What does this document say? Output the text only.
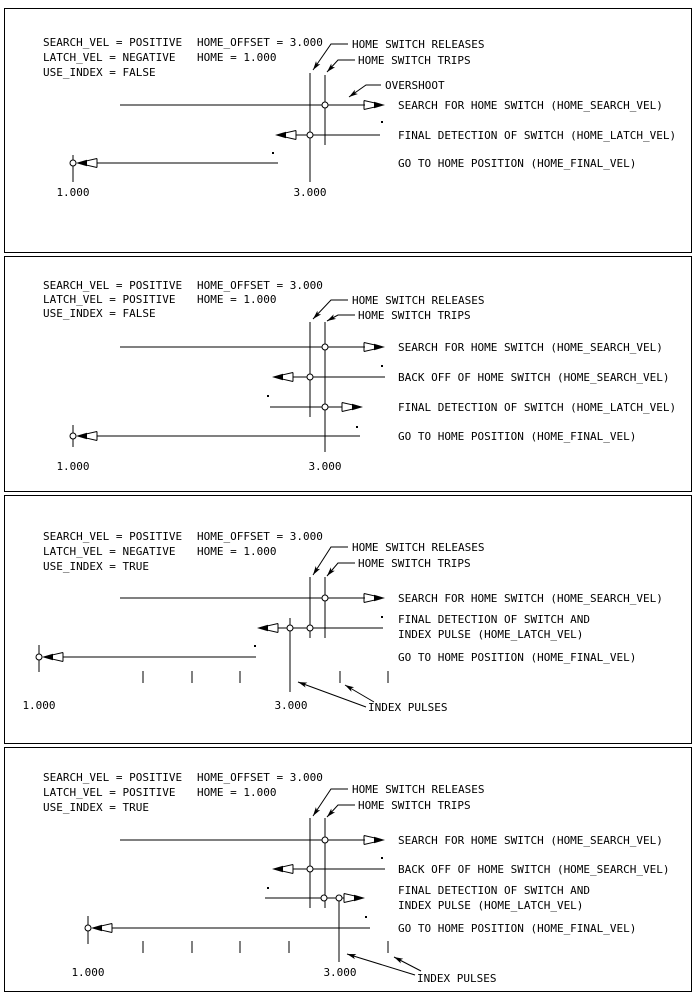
SEARCH_VEL = POSITIVE
LATCH_VEL = NEGATIVE
USE_INDEX = FALSE
HOME_OFFSET = 3.000
HOME = 1.000
HOME SWITCH RELEASES
HOME SWITCH TRIPS
OVERSHOOT
SEARCH FOR HOME SWITCH (HOME_SEARCH_VEL)
FINAL DETECTION OF SWITCH (HOME_LATCH_VEL)
GO TO HOME POSITION (HOME_FINAL_VEL)
1.000	3.000
SEARCH_VEL = POSITIVE
LATCH_VEL = POSITIVE
USE_INDEX = FALSE
HOME_OFFSET = 3.000
HOME = 1.000	HOME SWITCH RELEASES
HOME SWITCH TRIPS
SEARCH FOR HOME SWITCH (HOME_SEARCH_VEL)
BACK OFF OF HOME SWITCH (HOME_SEARCH_VEL)
FINAL DETECTION OF SWITCH (HOME_LATCH_VEL)
GO TO HOME POSITION (HOME_FINAL_VEL)
1.000	3.000
SEARCH_VEL = POSITIVE
LATCH_VEL = NEGATIVE
USE_INDEX = TRUE
HOME_OFFSET = 3.000
HOME = 1.000	HOME SWITCH RELEASES
HOME SWITCH TRIPS
SEARCH FOR HOME SWITCH (HOME_SEARCH_VEL)
FINAL DETECTION OF SWITCH AND
INDEX PULSE (HOME_LATCH_VEL)
GO TO HOME POSITION (HOME_FINAL_VEL)
INDEX PULSES
1.000	3.000
SEARCH_VEL = POSITIVE
LATCH_VEL = POSITIVE
USE_INDEX = TRUE
HOME_OFFSET = 3.000
HOME = 1.000	HOME SWITCH RELEASES
HOME SWITCH TRIPS
SEARCH FOR HOME SWITCH (HOME_SEARCH_VEL)
BACK OFF OF HOME SWITCH (HOME_SEARCH_VEL)
FINAL DETECTION OF SWITCH AND
INDEX PULSE (HOME_LATCH_VEL)
GO TO HOME POSITION (HOME_FINAL_VEL)
INDEX PULSES
1.000	3.000
